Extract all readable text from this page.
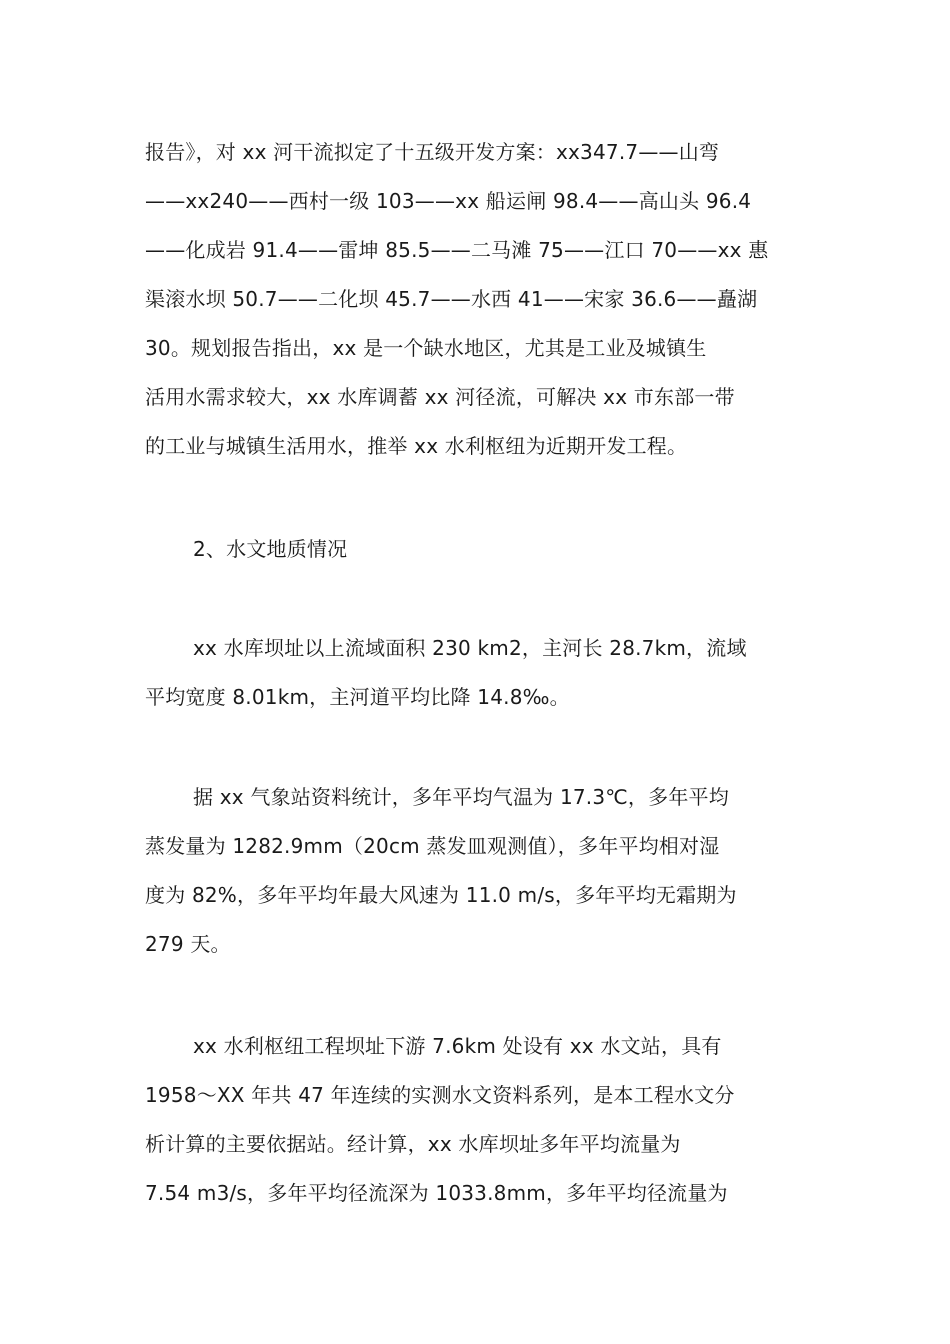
报告》，对 xx 河干流拟定了十五级开发方案：xx347.7——山弯
——xx240——西村一级 103——xx 船运闸 98.4——高山头 96.4
——化成岩 91.4——雷坤 85.5——二马滩 75——江口 70——xx 惠
渠滚水坝 50.7——二化坝 45.7——水西 41——宋家 36.6——矗湖
30。规划报告指出，xx 是一个缺水地区，尤其是工业及城镇生
活用水需求较大，xx 水库调蓄 xx 河径流，可解决 xx 市东部一带
的工业与城镇生活用水，推举 xx 水利枢纽为近期开发工程。
2、水文地质情况
xx 水库坝址以上流域面积 230 km2，主河长 28.7km，流域
平均宽度 8.01km，主河道平均比降 14.8‰。
据 xx 气象站资料统计，多年平均气温为 17.3℃，多年平均
蒸发量为 1282.9mm（20cm 蒸发皿观测值），多年平均相对湿
度为 82%，多年平均年最大风速为 11.0 m/s，多年平均无霜期为
279 天。
xx 水利枢纽工程坝址下游 7.6km 处设有 xx 水文站，具有
1958～XX 年共 47 年连续的实测水文资料系列，是本工程水文分
析计算的主要依据站。经计算，xx 水库坝址多年平均流量为
7.54 m3/s，多年平均径流深为 1033.8mm，多年平均径流量为
